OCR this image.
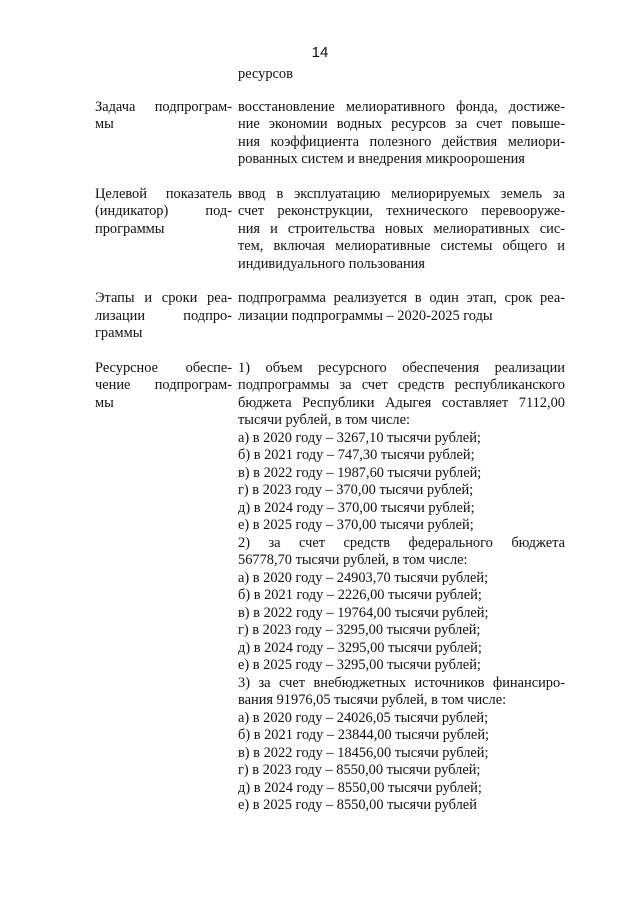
14
ресурсов
Задача подпрограм-
мы
восстановление мелиоративного фонда, достиже-
ние экономии водных ресурсов за счет повыше-
ния коэффициента полезного действия мелиори-
рованных систем и внедрения микроорошения
Целевой показатель
(индикатор) под-
программы
ввод в эксплуатацию мелиорируемых земель за
счет реконструкции, технического перевооруже-
ния и строительства новых мелиоративных сис-
тем, включая мелиоративные системы общего и
индивидуального пользования
Этапы и сроки реа-
лизации подпро-
граммы
подпрограмма реализуется в один этап, срок реа-
лизации подпрограммы – 2020-2025 годы
Ресурсное обеспе-
чение подпрограм-
мы
1) объем ресурсного обеспечения реализации
подпрограммы за счет средств республиканского
бюджета Республики Адыгея составляет 7112,00
тысячи рублей, в том числе:
а) в 2020 году – 3267,10 тысячи рублей;
б) в 2021 году – 747,30 тысячи рублей;
в) в 2022 году – 1987,60 тысячи рублей;
г) в 2023 году – 370,00 тысячи рублей;
д) в 2024 году – 370,00 тысячи рублей;
е) в 2025 году – 370,00 тысячи рублей;
2) за счет средств федерального бюджета
56778,70 тысячи рублей, в том числе:
а) в 2020 году – 24903,70 тысячи рублей;
б) в 2021 году – 2226,00 тысячи рублей;
в) в 2022 году – 19764,00 тысячи рублей;
г) в 2023 году – 3295,00 тысячи рублей;
д) в 2024 году – 3295,00 тысячи рублей;
е) в 2025 году – 3295,00 тысячи рублей;
3) за счет внебюджетных источников финансиро-
вания 91976,05 тысячи рублей, в том числе:
а) в 2020 году – 24026,05 тысячи рублей;
б) в 2021 году – 23844,00 тысячи рублей;
в) в 2022 году – 18456,00 тысячи рублей;
г) в 2023 году – 8550,00 тысячи рублей;
д) в 2024 году – 8550,00 тысячи рублей;
е) в 2025 году – 8550,00 тысячи рублей
